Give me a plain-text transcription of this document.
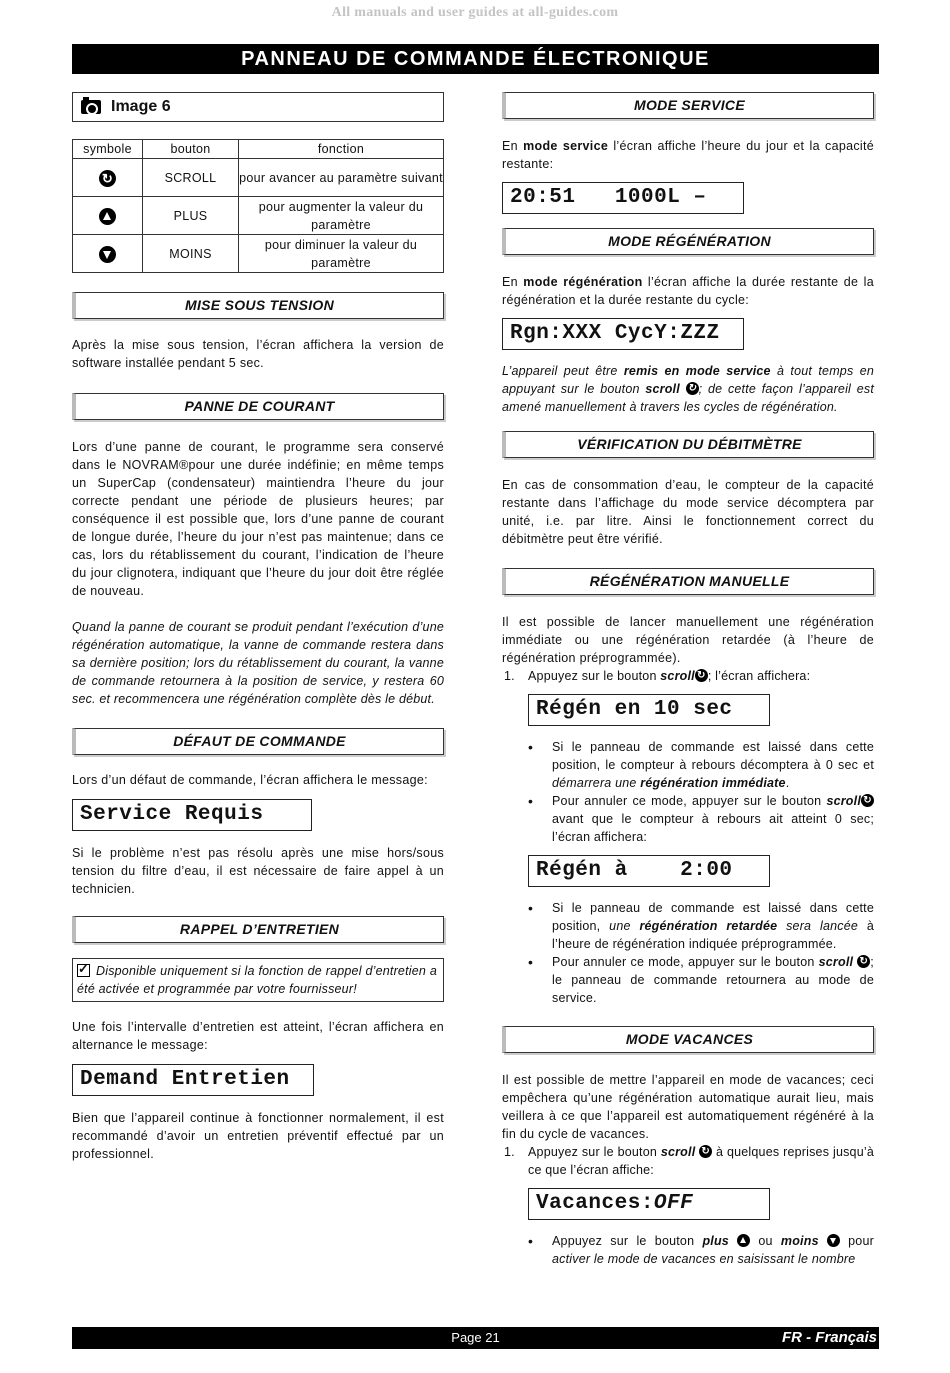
All manuals and user guides at all-guides.com
PANNEAU DE COMMANDE ÉLECTRONIQUE
Image 6
symbole	bouton	fonction
↻	SCROLL	pour avancer au paramètre suivant
	PLUS	pour augmenter la valeur du paramètre
	MOINS	pour diminuer la valeur du paramètre
MISE SOUS TENSION

Après la mise sous tension, l’écran affichera la version de software installée pendant 5 sec.

PANNE DE COURANT

Lors d’une panne de courant, le programme sera conservé dans le NOVRAM®pour une durée indéfinie; en même temps un SuperCap (condensateur) maintiendra l’heure du jour correcte pendant une période de plusieurs heures; par conséquence il est possible que, lors d’une panne de courant de longue durée, l’heure du jour n’est pas maintenue; dans ce cas, lors du rétablissement du courant, l’indication de l’heure du jour clignotera, indiquant que l’heure du jour doit être réglée de nouveau.

Quand la panne de courant se produit pendant l’exécution d’une régénération automatique, la vanne de commande restera dans sa dernière position; lors du rétablissement du courant, la vanne de commande retournera à la position de service, y restera 60 sec. et recommencera une régénération complète dès le début.

DÉFAUT DE COMMANDE

Lors d’un défaut de commande, l’écran affichera le message:

Service Requis

Si le problème n’est pas résolu après une mise hors/sous tension du filtre d’eau, il est nécessaire de faire appel à un technicien.

RAPPEL D’ENTRETIEN
✓Disponible uniquement si la fonction de rappel d’entretien a été activée et programmée par votre fournisseur!

Une fois l’intervalle d’entretien est atteint, l’écran affichera en alternance le message:

Demand Entretien

Bien que l’appareil continue à fonctionner normalement, il est recommandé d’avoir un entretien préventif effectué par un professionnel.

MODE SERVICE

En mode service l’écran affiche l’heure du jour et la capacité restante:

20:51   1000L –
MODE RÉGÉNÉRATION

En mode régénération l’écran affiche la durée restante de la régénération et la durée restante du cycle:

Rgn:XXX CycY:ZZZ

L’appareil peut être remis en mode service à tout temps en appuyant sur le bouton scroll ↻ ; de cette façon l’appareil est amené manuellement à travers les cycles de régénération.

VÉRIFICATION DU DÉBITMÈTRE

En cas de consommation d’eau, le compteur de la capacité restante dans l’affichage du mode service décomptera par unité, i.e. par litre. Ainsi le fonctionnement correct du débitmètre peut être vérifié.

RÉGÉNÉRATION MANUELLE

Il est possible de lancer manuellement une régénération immédiate ou une régénération retardée (à l’heure de régénération préprogrammée).

1. Appuyez sur le bouton scroll ↻ ; l’écran affichera:
Régén en 10 sec
• Si le panneau de commande est laissé dans cette position, le compteur à rebours décomptera à 0 sec et démarrera une régénération immédiate.
• Pour annuler ce mode, appuyer sur le bouton scroll↻ avant que le compteur à rebours ait atteint 0 sec; l’écran affichera:
Régén à    2:00
• Si le panneau de commande est laissé dans cette position, une régénération retardée sera lancée à l’heure de régénération indiquée préprogrammée.
• Pour annuler ce mode, appuyer sur le bouton scroll ↻ ; le panneau de commande retournera au mode de service.
MODE VACANCES

Il est possible de mettre l’appareil en mode de vacances; ceci empêchera qu’une régénération automatique aurait lieu, mais veillera à ce que l’appareil est automatiquement régénéré à la fin du cycle de vacances.

1. Appuyez sur le bouton scroll ↻ à quelques reprises jusqu’à ce que l’écran affiche:
Vacances:OFF
• Appuyez sur le bouton plus  ou moins  pour activer le mode de vacances en saisissant le nombre
Page 21	FR - Français
